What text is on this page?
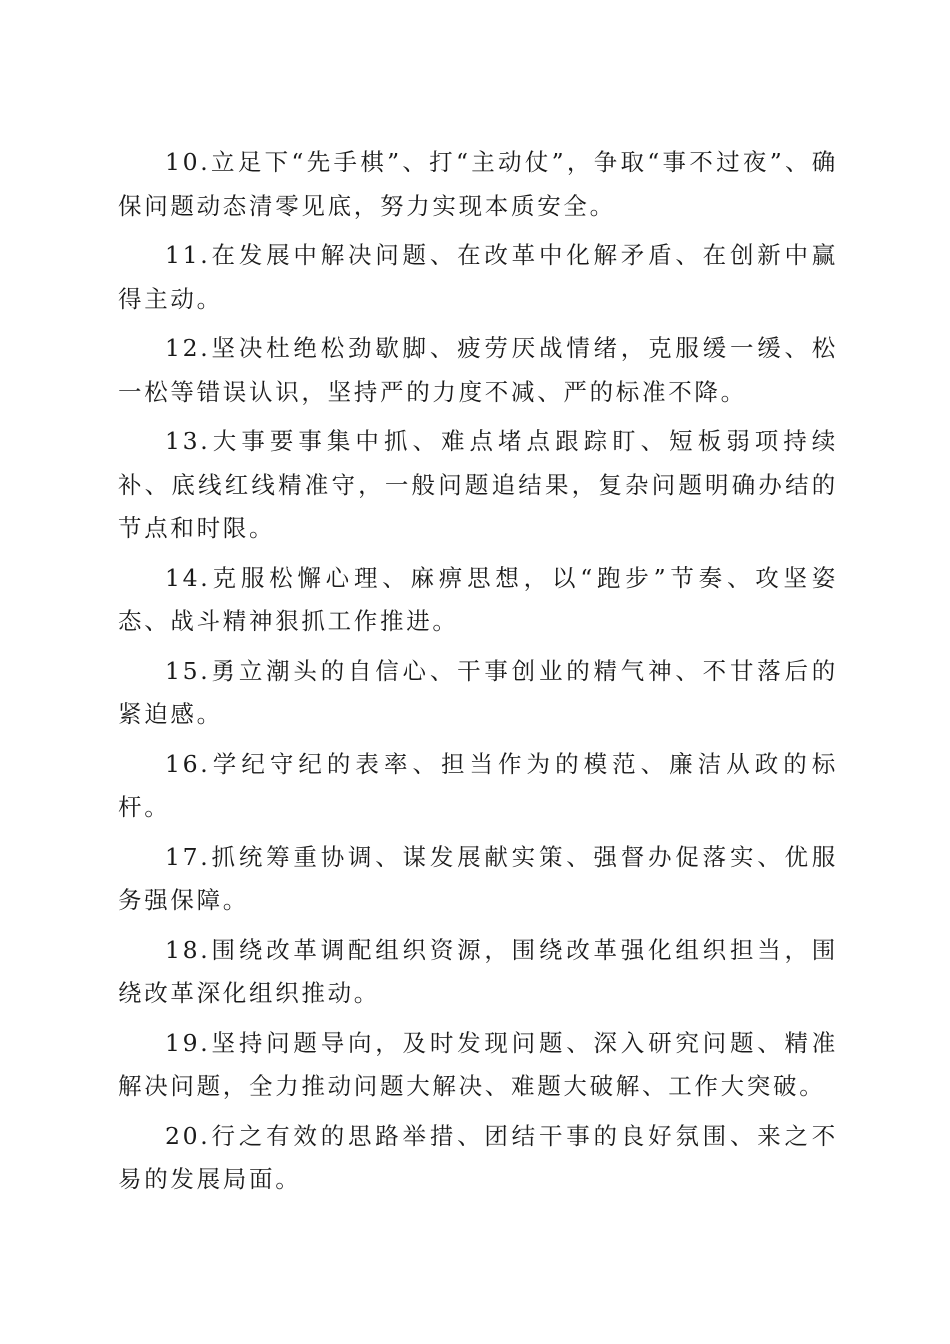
10.立足下“先手棋”、打“主动仗”，争取“事不过夜”、确保问题动态清零见底，努力实现本质安全。

11.在发展中解决问题、在改革中化解矛盾、在创新中赢得主动。

12.坚决杜绝松劲歇脚、疲劳厌战情绪，克服缓一缓、松一松等错误认识，坚持严的力度不减、严的标准不降。

13.大事要事集中抓、难点堵点跟踪盯、短板弱项持续补、底线红线精准守，一般问题追结果，复杂问题明确办结的节点和时限。

14.克服松懈心理、麻痹思想，以“跑步”节奏、攻坚姿态、战斗精神狠抓工作推进。

15.勇立潮头的自信心、干事创业的精气神、不甘落后的紧迫感。

16.学纪守纪的表率、担当作为的模范、廉洁从政的标杆。

17.抓统筹重协调、谋发展献实策、强督办促落实、优服务强保障。

18.围绕改革调配组织资源，围绕改革强化组织担当，围绕改革深化组织推动。

19.坚持问题导向，及时发现问题、深入研究问题、精准解决问题，全力推动问题大解决、难题大破解、工作大突破。

20.行之有效的思路举措、团结干事的良好氛围、来之不易的发展局面。
